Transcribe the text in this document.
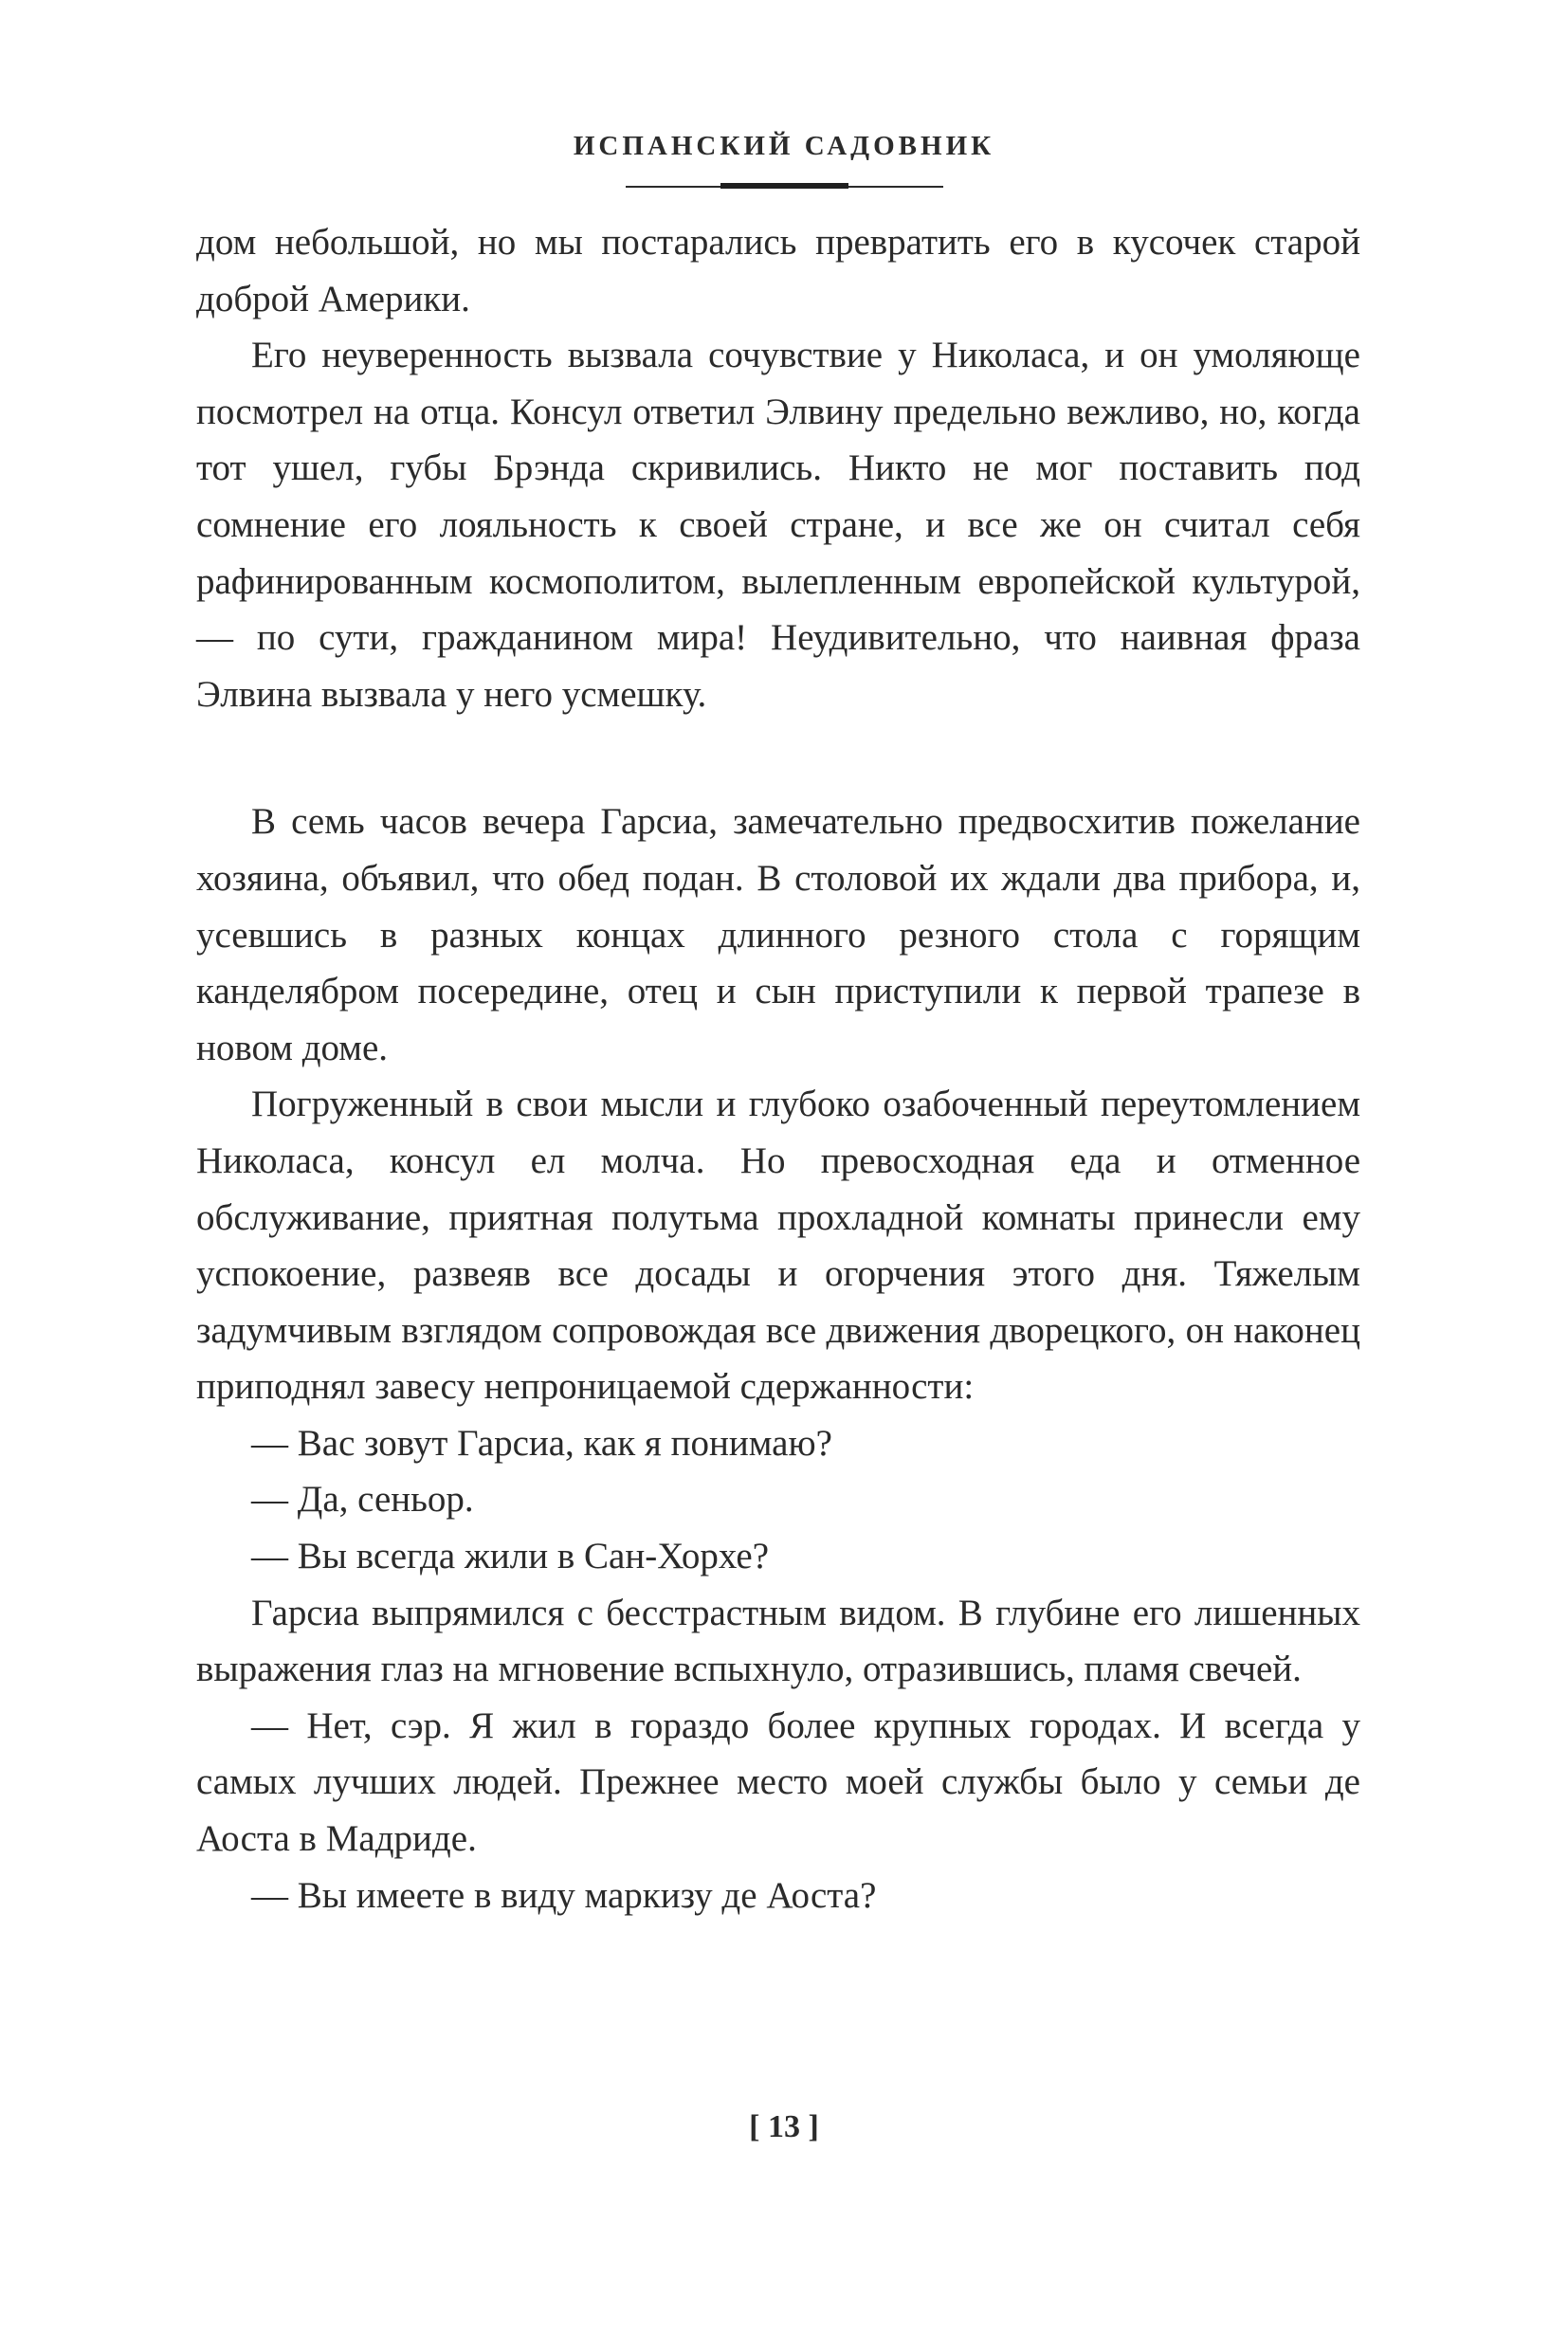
ИСПАНСКИЙ САДОВНИК

дом небольшой, но мы постарались превратить его в кусочек старой доброй Америки.

Его неуверенность вызвала сочувствие у Николаса, и он умоляюще посмотрел на отца. Консул ответил Элвину предельно вежливо, но, когда тот ушел, губы Брэнда скривились. Никто не мог поставить под сомнение его лояльность к своей стране, и все же он считал себя рафинированным космополитом, вылепленным европейской культурой, — по сути, гражданином мира! Неудивительно, что наивная фраза Элвина вызвала у него усмешку.

В семь часов вечера Гарсиа, замечательно предвосхитив пожелание хозяина, объявил, что обед подан. В столовой их ждали два прибора, и, усевшись в разных концах длинного резного стола с горящим канделябром посередине, отец и сын приступили к первой трапезе в новом доме.

Погруженный в свои мысли и глубоко озабоченный переутомлением Николаса, консул ел молча. Но превосходная еда и отменное обслуживание, приятная полутьма прохладной комнаты принесли ему успокоение, развеяв все досады и огорчения этого дня. Тяжелым задумчивым взглядом сопровождая все движения дворецкого, он наконец приподнял завесу непроницаемой сдержанности:

— Вас зовут Гарсиа, как я понимаю?

— Да, сеньор.

— Вы всегда жили в Сан-Хорхе?

Гарсиа выпрямился с бесстрастным видом. В глубине его лишенных выражения глаз на мгновение вспыхнуло, отразившись, пламя свечей.

— Нет, сэр. Я жил в гораздо более крупных городах. И всегда у самых лучших людей. Прежнее место моей службы было у семьи де Аоста в Мадриде.

— Вы имеете в виду маркизу де Аоста?

[ 13 ]
